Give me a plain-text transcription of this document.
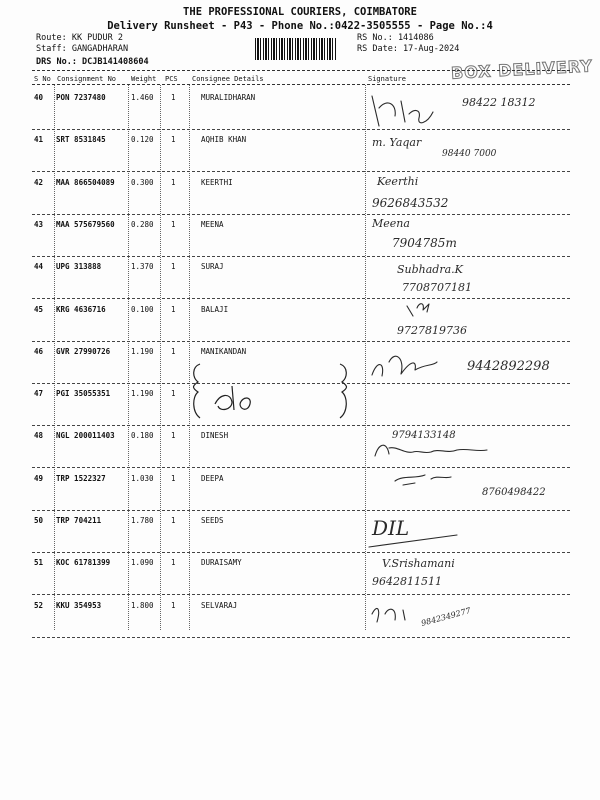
THE PROFESSIONAL COURIERS, COIMBATORE
Delivery Runsheet - P43 - Phone No.:0422-3505555 - Page No.:4
Route: KK PUDUR 2
Staff: GANGADHARAN
DRS No.: DCJB141408604
RS No.: 1414086
RS Date: 17-Aug-2024
BOX DELIVERY
S No Consignment No Weight PCS Consignee Details	Signature
40 PON 7237480	1.460 1	MURALIDHARAN	98422 18312
41 SRT 8531845	0.120 1	AQHIB KHAN	m. Yaqar
98440 7000
42 MAA 866504089 0.300 1	KEERTHI	Keerthi
9626843532
43 MAA 575679560 0.280 1	MEENA	Meena
7904785m
44 UPG 313888	1.370 1	SURAJ	Subhadra.K
7708707181
45 KRG 4636716	0.100 1	BALAJI
9727819736
46 GVR 27990726	1.190 1	MANIKANDAN
9442892298
47 PGI 35055351	1.190 1
48 NGL 200011403 0.180 1	DINESH	9794133148
49 TRP 1522327	1.030 1	DEEPA
8760498422
50 TRP 704211	1.780 1	SEEDS	DIL
51 KOC 61781399	1.090 1	DURAISAMY	V.Srishamani
9642811511
52 KKU 354953	1.800 1	SELVARAJ
9842349277
